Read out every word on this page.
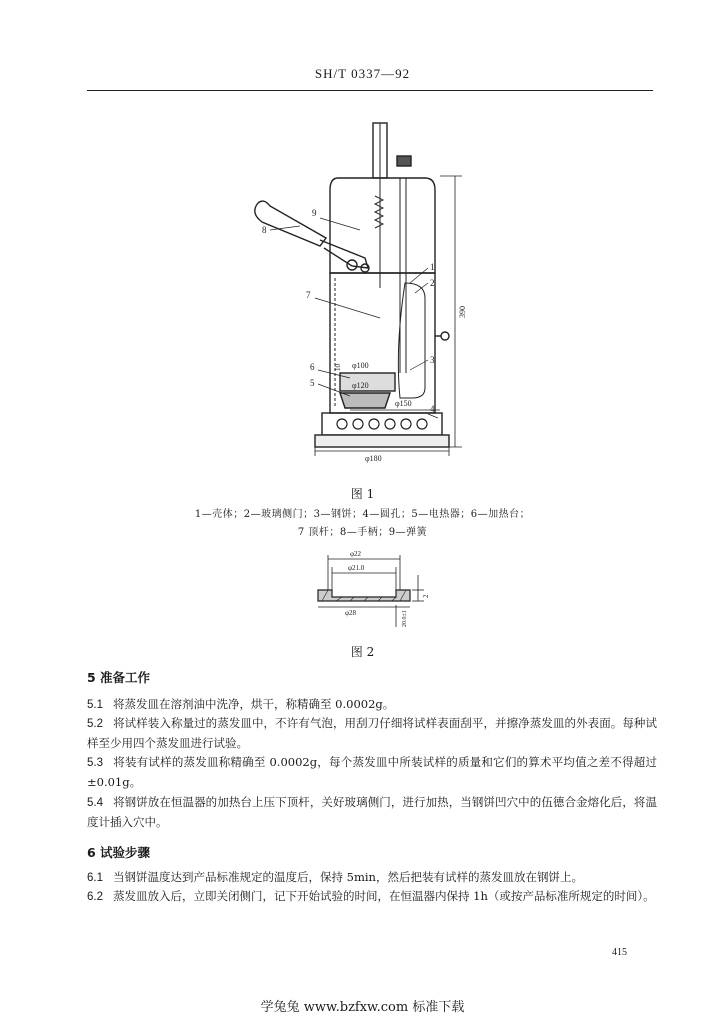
SH/T 0337—92
9
8
7
6
5
1
2
3
4
φ100
φ120
φ150
φ180
10
390
图 1
1—壳体；2—玻璃侧门；3—钢饼；4—圆孔；5—电热器；6—加热台；
7 顶杆；8—手柄；9—弹簧
φ22
φ21.0
φ28
2
20.0±1
图 2
5 准备工作
5.1 将蒸发皿在溶剂油中洗净，烘干，称精确至 0.0002g。
5.2 将试样装入称量过的蒸发皿中，不许有气泡，用刮刀仔细将试样表面刮平，并擦净蒸发皿的外表面。每种试样至少用四个蒸发皿进行试验。
5.3 将装有试样的蒸发皿称精确至 0.0002g，每个蒸发皿中所装试样的质量和它们的算术平均值之差不得超过±0.01g。
5.4 将钢饼放在恒温器的加热台上压下顶杆，关好玻璃侧门，进行加热，当钢饼凹穴中的伍德合金熔化后，将温度计插入穴中。
6 试验步骤
6.1 当钢饼温度达到产品标准规定的温度后，保持 5min，然后把装有试样的蒸发皿放在钢饼上。
6.2 蒸发皿放入后，立即关闭侧门，记下开始试验的时间，在恒温器内保持 1h（或按产品标准所规定的时间）。
415
学兔兔 www.bzfxw.com 标准下载
